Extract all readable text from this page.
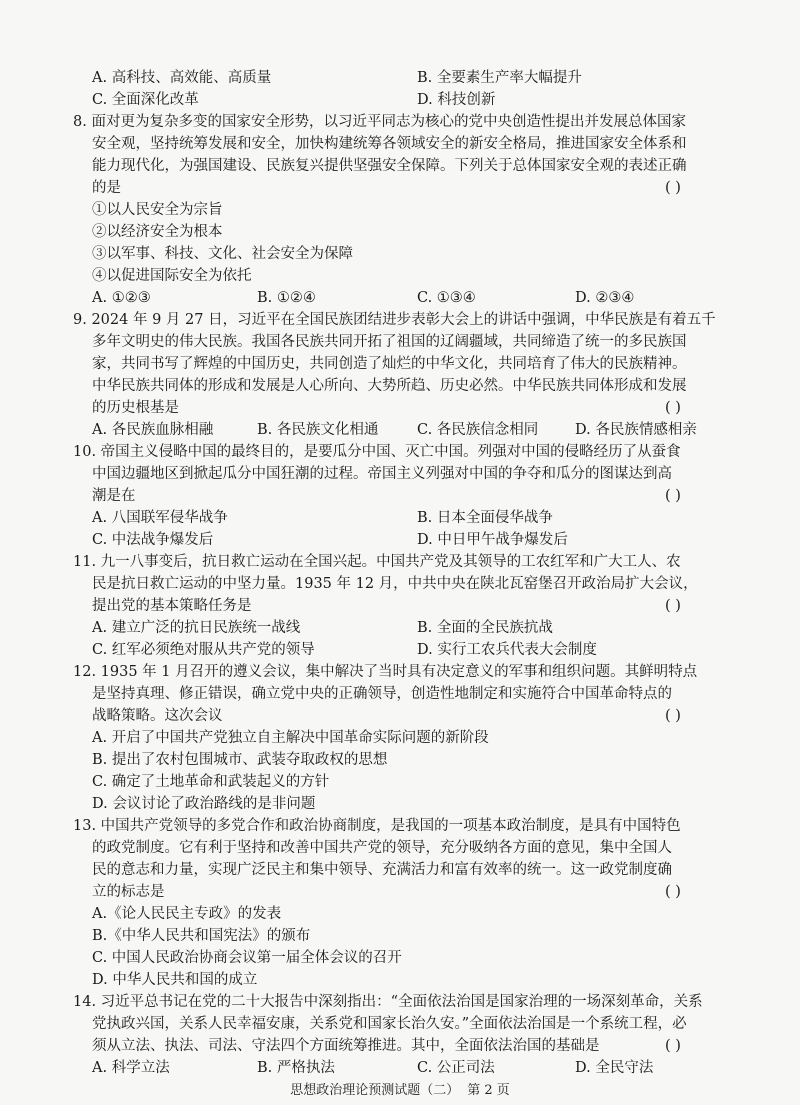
A. 高科技、高效能、高质量	B. 全要素生产率大幅提升
C. 全面深化改革	D. 科技创新
8. 面对更为复杂多变的国家安全形势，以习近平同志为核心的党中央创造性提出并发展总体国家
安全观，坚持统筹发展和安全，加快构建统筹各领域安全的新安全格局，推进国家安全体系和
能力现代化，为强国建设、民族复兴提供坚强安全保障。下列关于总体国家安全观的表述正确
的是	( )
①以人民安全为宗旨
②以经济安全为根本
③以军事、科技、文化、社会安全为保障
④以促进国际安全为依托
A. ①②③	B. ①②④	C. ①③④	D. ②③④
9. 2024 年 9 月 27 日，习近平在全国民族团结进步表彰大会上的讲话中强调，中华民族是有着五千
多年文明史的伟大民族。我国各民族共同开拓了祖国的辽阔疆域，共同缔造了统一的多民族国
家，共同书写了辉煌的中国历史，共同创造了灿烂的中华文化，共同培育了伟大的民族精神。
中华民族共同体的形成和发展是人心所向、大势所趋、历史必然。中华民族共同体形成和发展
的历史根基是	( )
A. 各民族血脉相融	B. 各民族文化相通	C. 各民族信念相同	D. 各民族情感相亲
10. 帝国主义侵略中国的最终目的，是要瓜分中国、灭亡中国。列强对中国的侵略经历了从蚕食
中国边疆地区到掀起瓜分中国狂潮的过程。帝国主义列强对中国的争夺和瓜分的图谋达到高
潮是在	( )
A. 八国联军侵华战争	B. 日本全面侵华战争
C. 中法战争爆发后	D. 中日甲午战争爆发后
11. 九一八事变后，抗日救亡运动在全国兴起。中国共产党及其领导的工农红军和广大工人、农
民是抗日救亡运动的中坚力量。1935 年 12 月，中共中央在陕北瓦窑堡召开政治局扩大会议，
提出党的基本策略任务是	( )
A. 建立广泛的抗日民族统一战线	B. 全面的全民族抗战
C. 红军必须绝对服从共产党的领导	D. 实行工农兵代表大会制度
12. 1935 年 1 月召开的遵义会议，集中解决了当时具有决定意义的军事和组织问题。其鲜明特点
是坚持真理、修正错误，确立党中央的正确领导，创造性地制定和实施符合中国革命特点的
战略策略。这次会议	( )
A. 开启了中国共产党独立自主解决中国革命实际问题的新阶段
B. 提出了农村包围城市、武装夺取政权的思想
C. 确定了土地革命和武装起义的方针
D. 会议讨论了政治路线的是非问题
13. 中国共产党领导的多党合作和政治协商制度，是我国的一项基本政治制度，是具有中国特色
的政党制度。它有利于坚持和改善中国共产党的领导，充分吸纳各方面的意见，集中全国人
民的意志和力量，实现广泛民主和集中领导、充满活力和富有效率的统一。这一政党制度确
立的标志是	( )
A.《论人民民主专政》的发表
B.《中华人民共和国宪法》的颁布
C. 中国人民政治协商会议第一届全体会议的召开
D. 中华人民共和国的成立
14. 习近平总书记在党的二十大报告中深刻指出：“全面依法治国是国家治理的一场深刻革命，关系
党执政兴国，关系人民幸福安康，关系党和国家长治久安。”全面依法治国是一个系统工程，必
须从立法、执法、司法、守法四个方面统筹推进。其中，全面依法治国的基础是	( )
A. 科学立法	B. 严格执法	C. 公正司法	D. 全民守法
思想政治理论预测试题（二） 第 2 页
